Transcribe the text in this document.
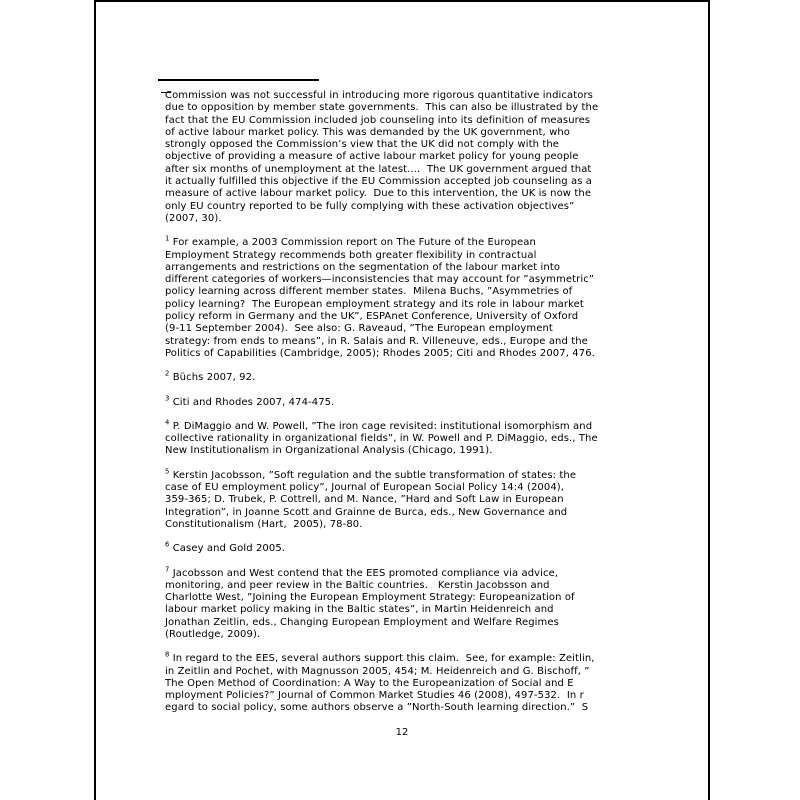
Commission was not successful in introducing more rigorous quantitative indicators
due to opposition by member state governments.  This can also be illustrated by the
fact that the EU Commission included job counseling into its definition of measures
of active labour market policy. This was demanded by the UK government, who
strongly opposed the Commission’s view that the UK did not comply with the
objective of providing a measure of active labour market policy for young people
after six months of unemployment at the latest....  The UK government argued that
it actually fulfilled this objective if the EU Commission accepted job counseling as a
measure of active labour market policy.  Due to this intervention, the UK is now the
only EU country reported to be fully complying with these activation objectives”
(2007, 30).
$^1$ For example, a 2003 Commission report on The Future of the European
Employment Strategy recommends both greater flexibility in contractual
arrangements and restrictions on the segmentation of the labour market into
different categories of workers—inconsistencies that may account for ”asymmetric”
policy learning across different member states.  Milena Buchs, ”Asymmetries of
policy learning?  The European employment strategy and its role in labour market
policy reform in Germany and the UK”, ESPAnet Conference, University of Oxford
(9-11 September 2004).  See also: G. Raveaud, ”The European employment
strategy: from ends to means”, in R. Salais and R. Villeneuve, eds., Europe and the
Politics of Capabilities (Cambridge, 2005); Rhodes 2005; Citi and Rhodes 2007, 476.
$^2$ Büchs 2007, 92.
$^3$ Citi and Rhodes 2007, 474-475.
$^4$ P. DiMaggio and W. Powell, ”The iron cage revisited: institutional isomorphism and
collective rationality in organizational fields”, in W. Powell and P. DiMaggio, eds., The
New Institutionalism in Organizational Analysis (Chicago, 1991).
$^5$ Kerstin Jacobsson, ”Soft regulation and the subtle transformation of states: the
case of EU employment policy”, Journal of European Social Policy 14:4 (2004),
359-365; D. Trubek, P. Cottrell, and M. Nance, ”Hard and Soft Law in European
Integration”, in Joanne Scott and Grainne de Burca, eds., New Governance and
Constitutionalism (Hart,  2005), 78-80.
$^6$ Casey and Gold 2005.
$^7$ Jacobsson and West contend that the EES promoted compliance via advice,
monitoring, and peer review in the Baltic countries.   Kerstin Jacobsson and
Charlotte West, ”Joining the European Employment Strategy: Europeanization of
labour market policy making in the Baltic states”, in Martin Heidenreich and
Jonathan Zeitlin, eds., Changing European Employment and Welfare Regimes
(Routledge, 2009).
$^8$ In regard to the EES, several authors support this claim.  See, for example: Zeitlin,
in Zeitlin and Pochet, with Magnusson 2005, 454; M. Heidenreich and G. Bischoff, ”
The Open Method of Coordination: A Way to the Europeanization of Social and E
mployment Policies?” Journal of Common Market Studies 46 (2008), 497-532.  In r
egard to social policy, some authors observe a ”North-South learning direction.”  S
12
